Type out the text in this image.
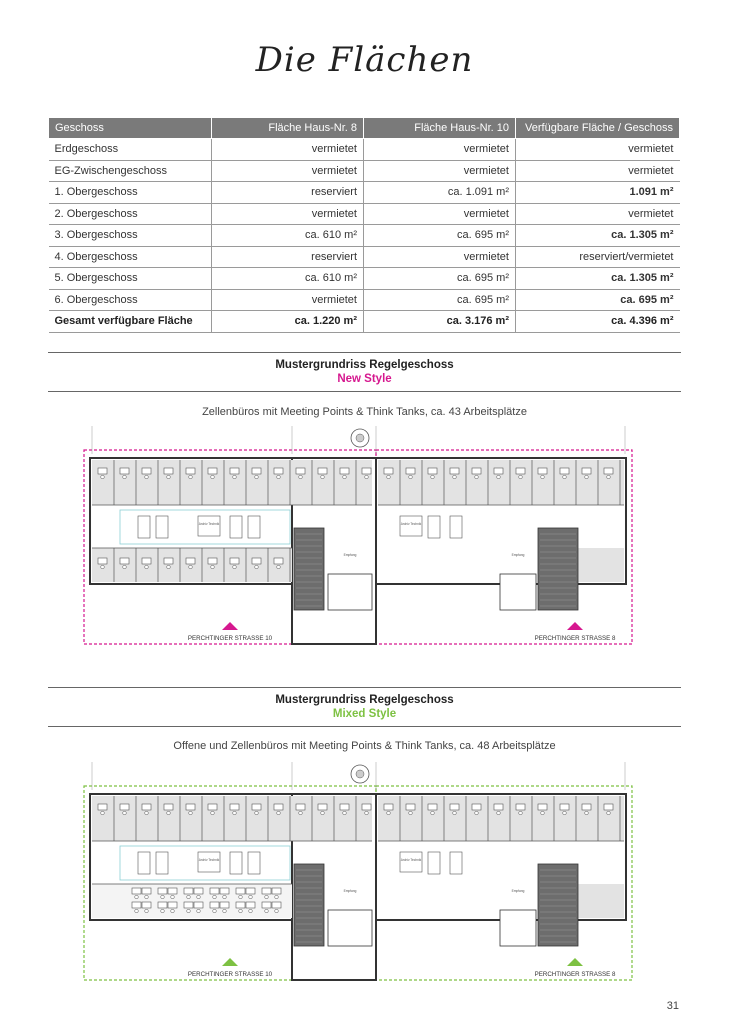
Die Flächen
Geschoss	Fläche Haus-Nr. 8	Fläche Haus-Nr. 10	Verfügbare Fläche / Geschoss
Erdgeschoss	vermietet	vermietet	vermietet
EG-Zwischengeschoss	vermietet	vermietet	vermietet
1. Obergeschoss	reserviert	ca. 1.091 m²	1.091 m²
2. Obergeschoss	vermietet	vermietet	vermietet
3. Obergeschoss	ca. 610 m²	ca. 695 m²	ca. 1.305 m²
4. Obergeschoss	reserviert	vermietet	reserviert/vermietet
5. Obergeschoss	ca. 610 m²	ca. 695 m²	ca. 1.305 m²
6. Obergeschoss	vermietet	ca. 695 m²	ca. 695 m²
Gesamt verfügbare Fläche	ca. 1.220 m²	ca. 3.176 m²	ca. 4.396 m²
Mustergrundriss Regelgeschoss
New Style
Zellenbüros mit Meeting Points & Think Tanks, ca. 43 Arbeitsplätze
Archiv Technik	Archiv Technik
Empfang	Empfang
PERCHTINGER STRASSE 10	PERCHTINGER STRASSE 8
Mustergrundriss Regelgeschoss
Mixed Style
Offene und Zellenbüros mit Meeting Points & Think Tanks, ca. 48 Arbeitsplätze
Archiv Technik	Archiv Technik
Empfang	Empfang
PERCHTINGER STRASSE 10	PERCHTINGER STRASSE 8
31
